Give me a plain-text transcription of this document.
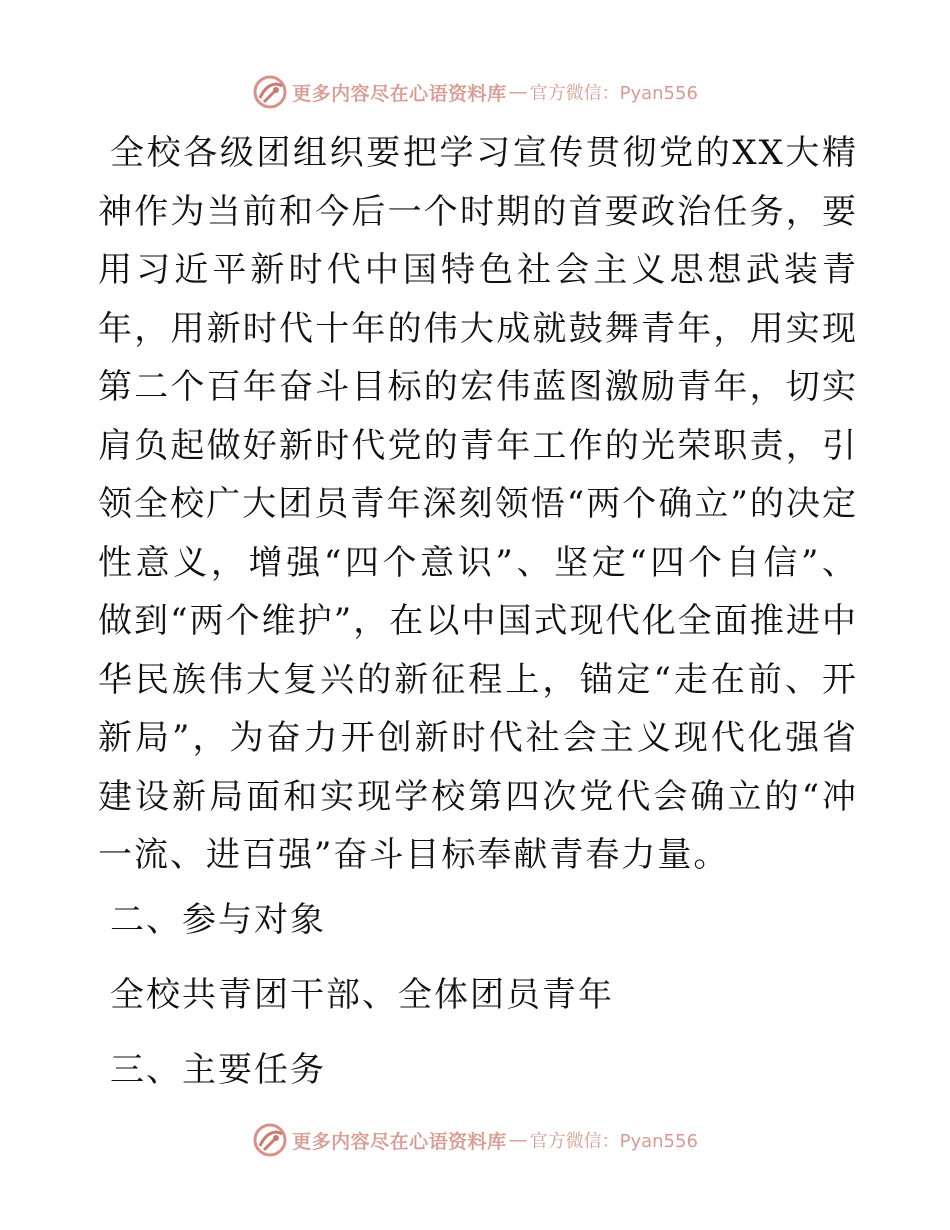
更多内容尽在心语资料库 — 官方微信：Pyan556

全校各级团组织要把学习宣传贯彻党的XX大精神作为当前和今后一个时期的首要政治任务，要用习近平新时代中国特色社会主义思想武装青年，用新时代十年的伟大成就鼓舞青年，用实现第二个百年奋斗目标的宏伟蓝图激励青年，切实肩负起做好新时代党的青年工作的光荣职责，引领全校广大团员青年深刻领悟“两个确立”的决定性意义，增强“四个意识”、坚定“四个自信”、做到“两个维护”，在以中国式现代化全面推进中华民族伟大复兴的新征程上，锚定“走在前、开新局”，为奋力开创新时代社会主义现代化强省建设新局面和实现学校第四次党代会确立的“冲一流、进百强”奋斗目标奉献青春力量。

二、参与对象

全校共青团干部、全体团员青年

三、主要任务

更多内容尽在心语资料库 — 官方微信：Pyan556
